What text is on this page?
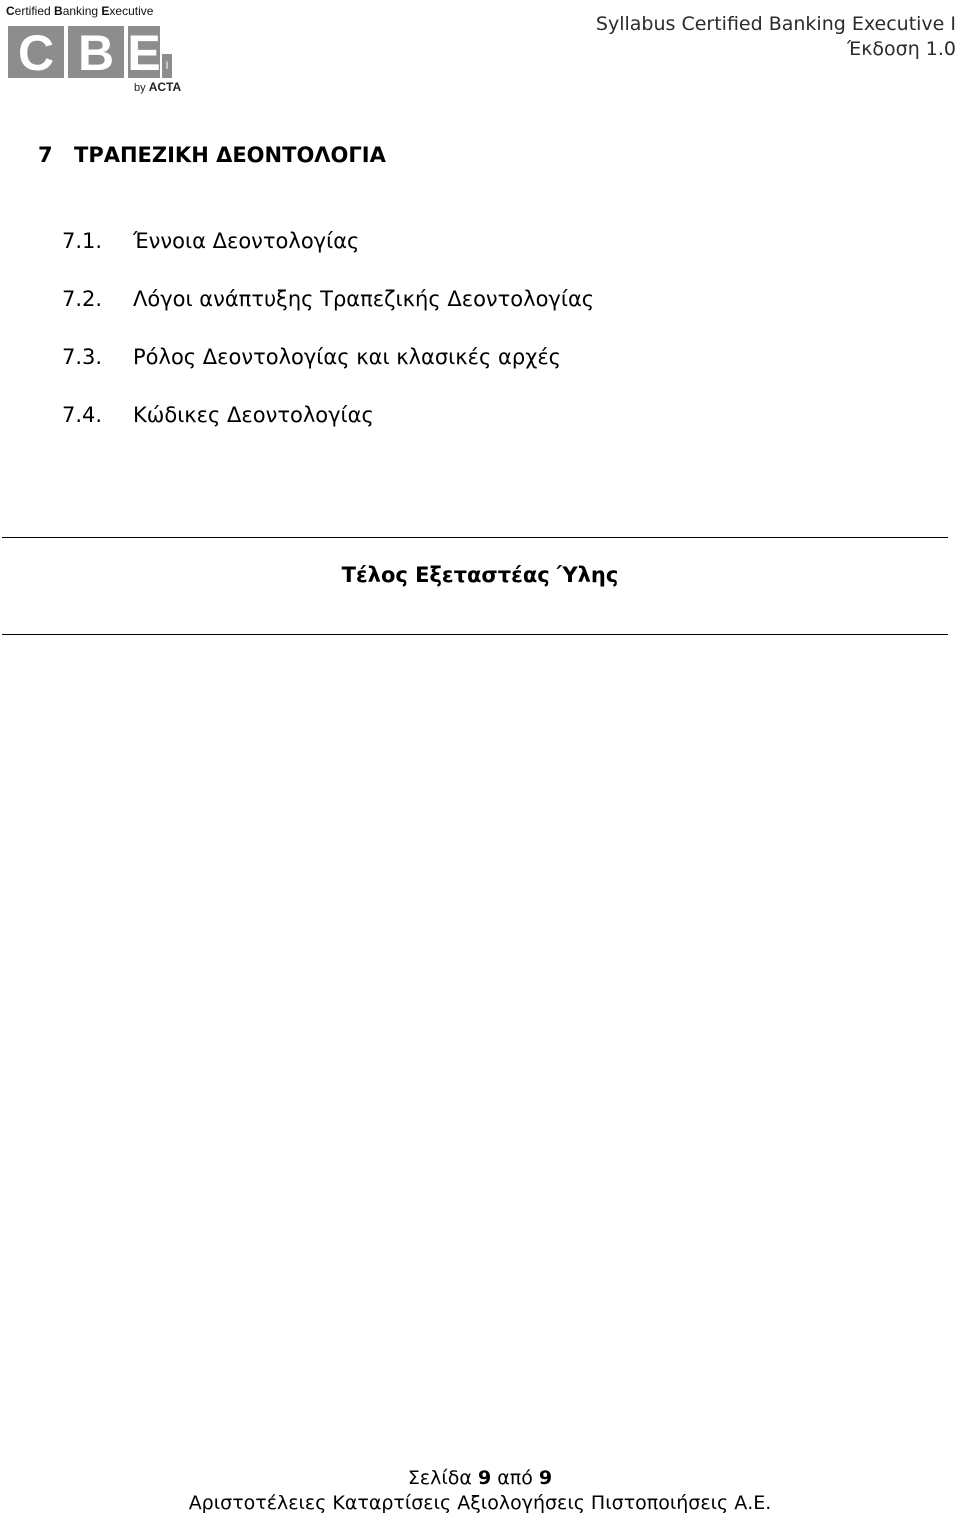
Certified Banking Executive
C B E I
by ACTA
Syllabus Certified Banking Executive I
Έκδοση 1.0
7 ΤΡΑΠΕΖΙΚΗ ΔΕΟΝΤΟΛΟΓΙΑ
7.1. Έννοια Δεοντολογίας
7.2. Λόγοι ανάπτυξης Τραπεζικής Δεοντολογίας
7.3. Ρόλος Δεοντολογίας και κλασικές αρχές
7.4. Κώδικες Δεοντολογίας
Τέλος Εξεταστέας Ύλης
Σελίδα 9 από 9
Αριστοτέλειες Καταρτίσεις Αξιολογήσεις Πιστοποιήσεις Α.Ε.
